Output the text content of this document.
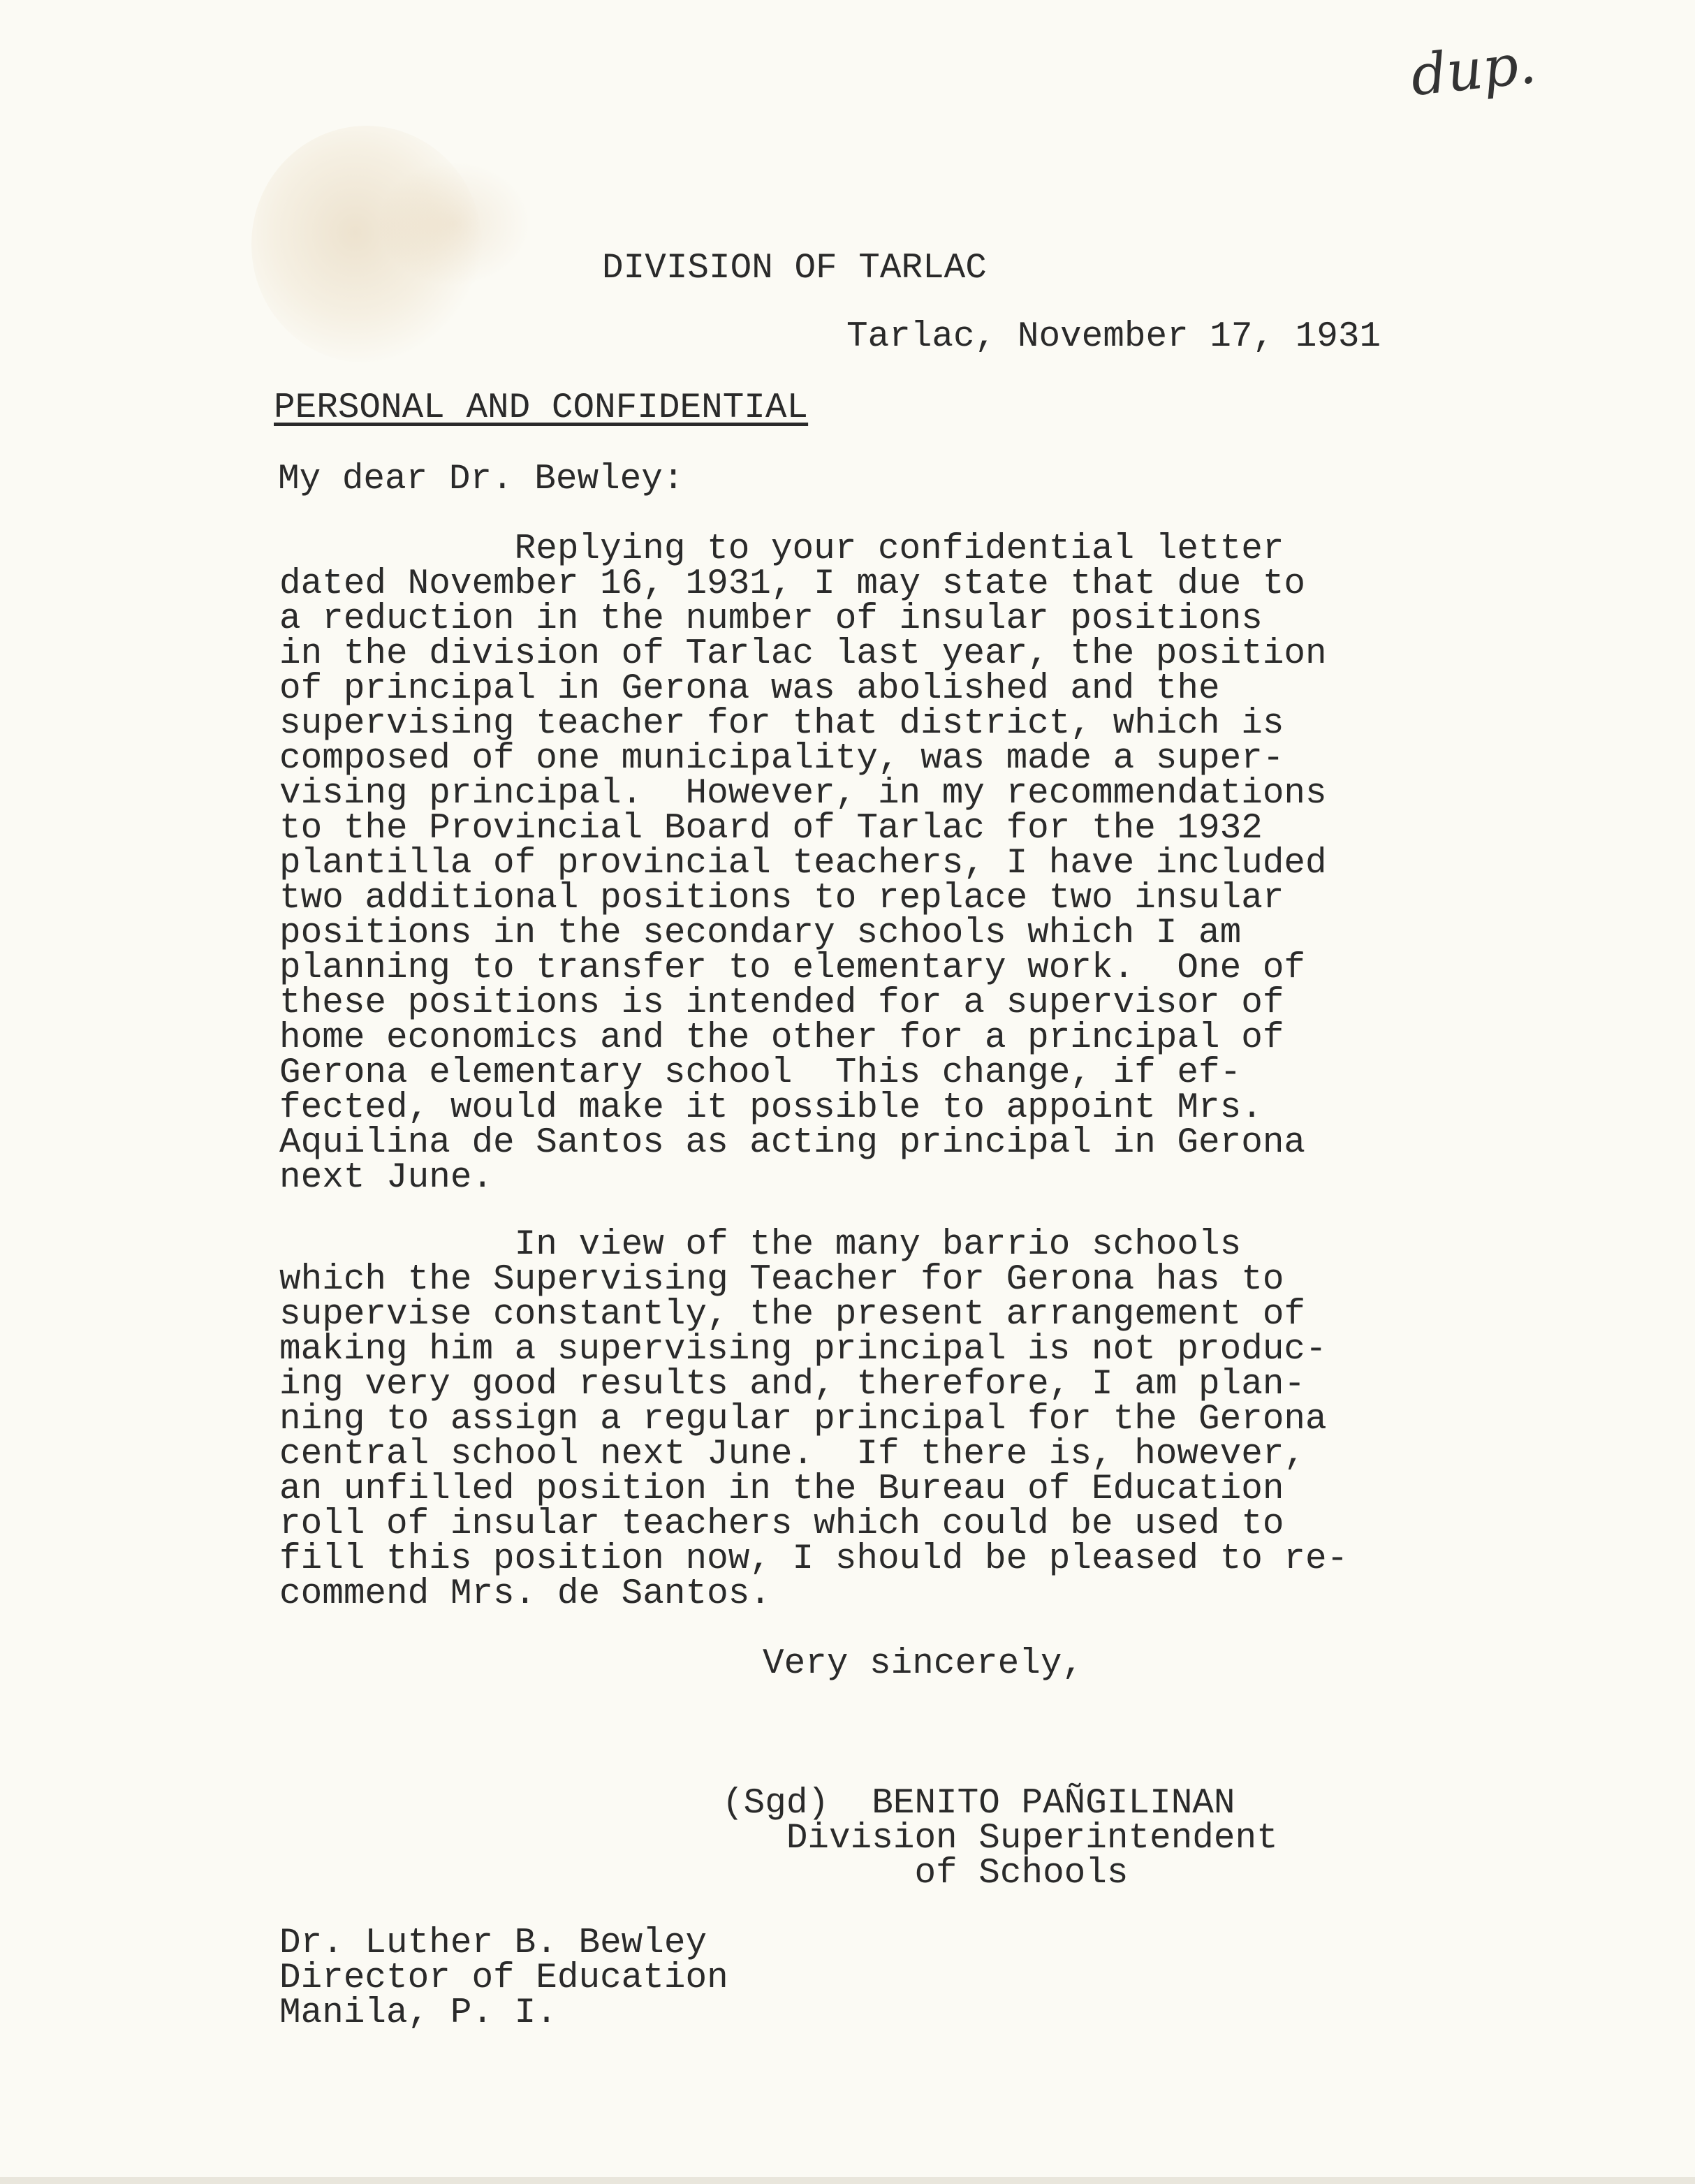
dup.
DIVISION OF TARLAC
Tarlac, November 17, 1931
PERSONAL AND CONFIDENTIAL
My dear Dr. Bewley:
Replying to your confidential letter
dated November 16, 1931, I may state that due to
a reduction in the number of insular positions
in the division of Tarlac last year, the position
of principal in Gerona was abolished and the
supervising teacher for that district, which is
composed of one municipality, was made a super-
vising principal.  However, in my recommendations
to the Provincial Board of Tarlac for the 1932
plantilla of provincial teachers, I have included
two additional positions to replace two insular
positions in the secondary schools which I am
planning to transfer to elementary work.  One of
these positions is intended for a supervisor of
home economics and the other for a principal of
Gerona elementary school  This change, if ef-
fected, would make it possible to appoint Mrs.
Aquilina de Santos as acting principal in Gerona
next June.
In view of the many barrio schools
which the Supervising Teacher for Gerona has to
supervise constantly, the present arrangement of
making him a supervising principal is not produc-
ing very good results and, therefore, I am plan-
ning to assign a regular principal for the Gerona
central school next June.  If there is, however,
an unfilled position in the Bureau of Education
roll of insular teachers which could be used to
fill this position now, I should be pleased to re-
commend Mrs. de Santos.
Very sincerely,
(Sgd)  BENITO PAÑGILINAN
Division Superintendent
of Schools
Dr. Luther B. Bewley
Director of Education
Manila, P. I.
